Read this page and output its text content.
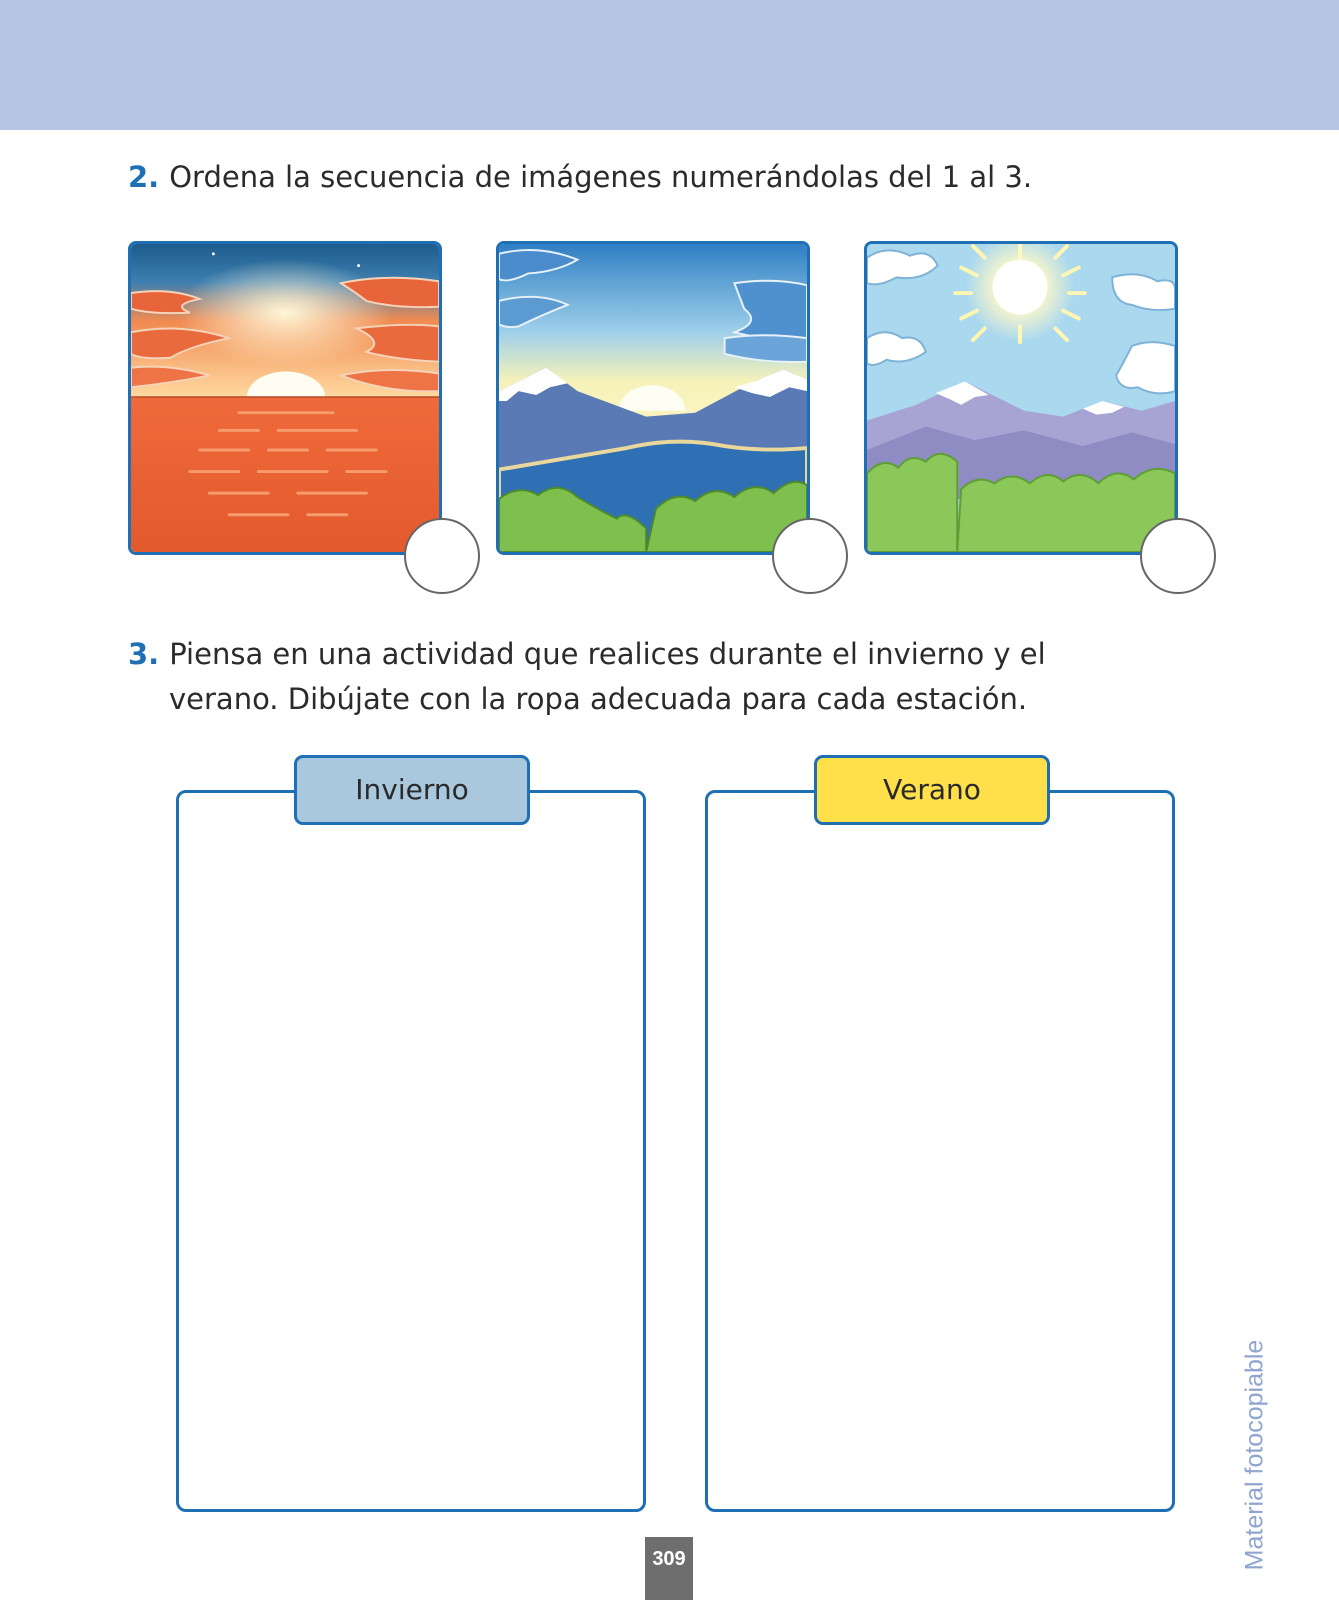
2. Ordena la secuencia de imágenes numerándolas del 1 al 3.
3. Piensa en una actividad que realices durante el invierno y el
verano. Dibújate con la ropa adecuada para cada estación.
Invierno	Verano
Material fotocopiable
309
